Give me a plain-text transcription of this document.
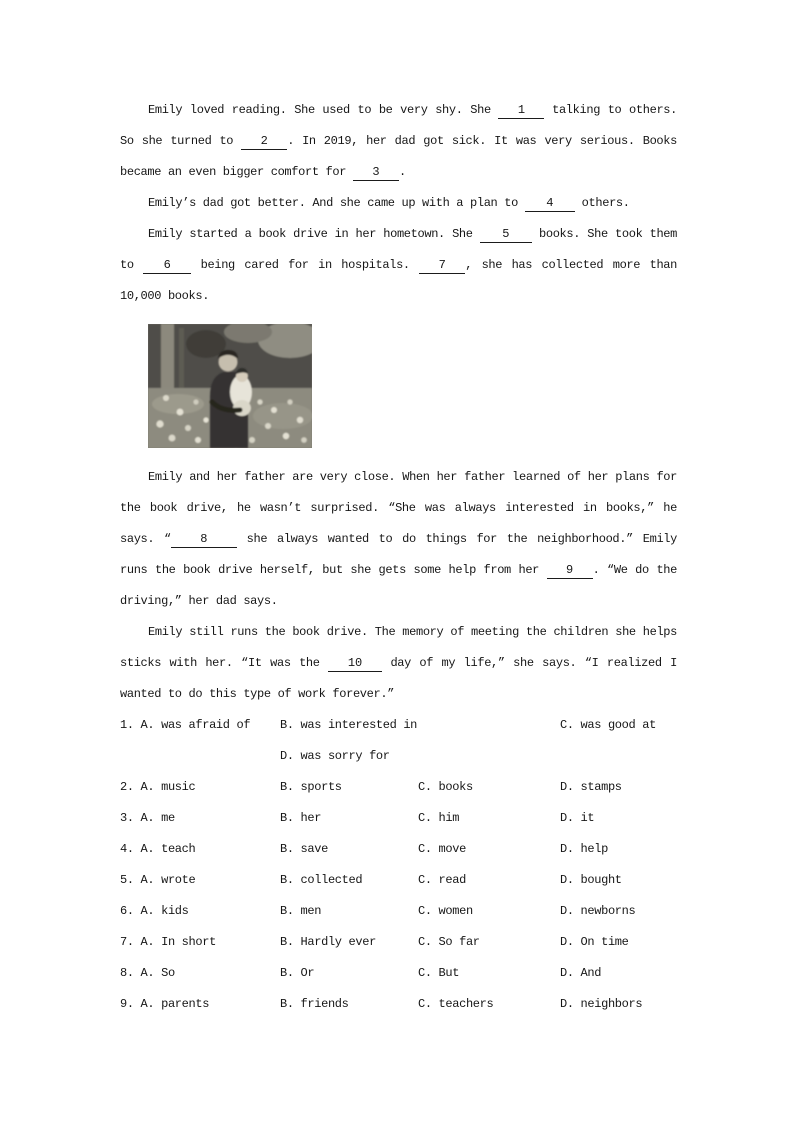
Emily loved reading. She used to be very shy. She 1 talking to others. So she turned to 2 . In 2019, her dad got sick. It was very serious. Books became an even bigger comfort for 3 .

Emily’s dad got better. And she came up with a plan to 4 others.

Emily started a book drive in her hometown. She 5 books. She took them to 6 being cared for in hospitals. 7 , she has collected more than 10,000 books.

Emily and her father are very close. When her father learned of her plans for the book drive, he wasn’t surprised. “She was always interested in books,” he says. “ 8 she always wanted to do things for the neighborhood.” Emily runs the book drive herself, but she gets some help from her 9 . “We do the driving,” her dad says.

Emily still runs the book drive. The memory of meeting the children she helps sticks with her. “It was the 10 day of my life,” she says. “I realized I wanted to do this type of work forever.”

1. A. was afraid of	B. was interested in	C. was good at
D. was sorry for
2. A. music	B. sports	C. books	D. stamps
3. A. me	B. her	C. him	D. it
4. A. teach	B. save	C. move	D. help
5. A. wrote	B. collected	C. read	D. bought
6. A. kids	B. men	C. women	D. newborns
7. A. In short	B. Hardly ever	C. So far	D. On time
8. A. So	B. Or	C. But	D. And
9. A. parents	B. friends	C. teachers	D. neighbors
